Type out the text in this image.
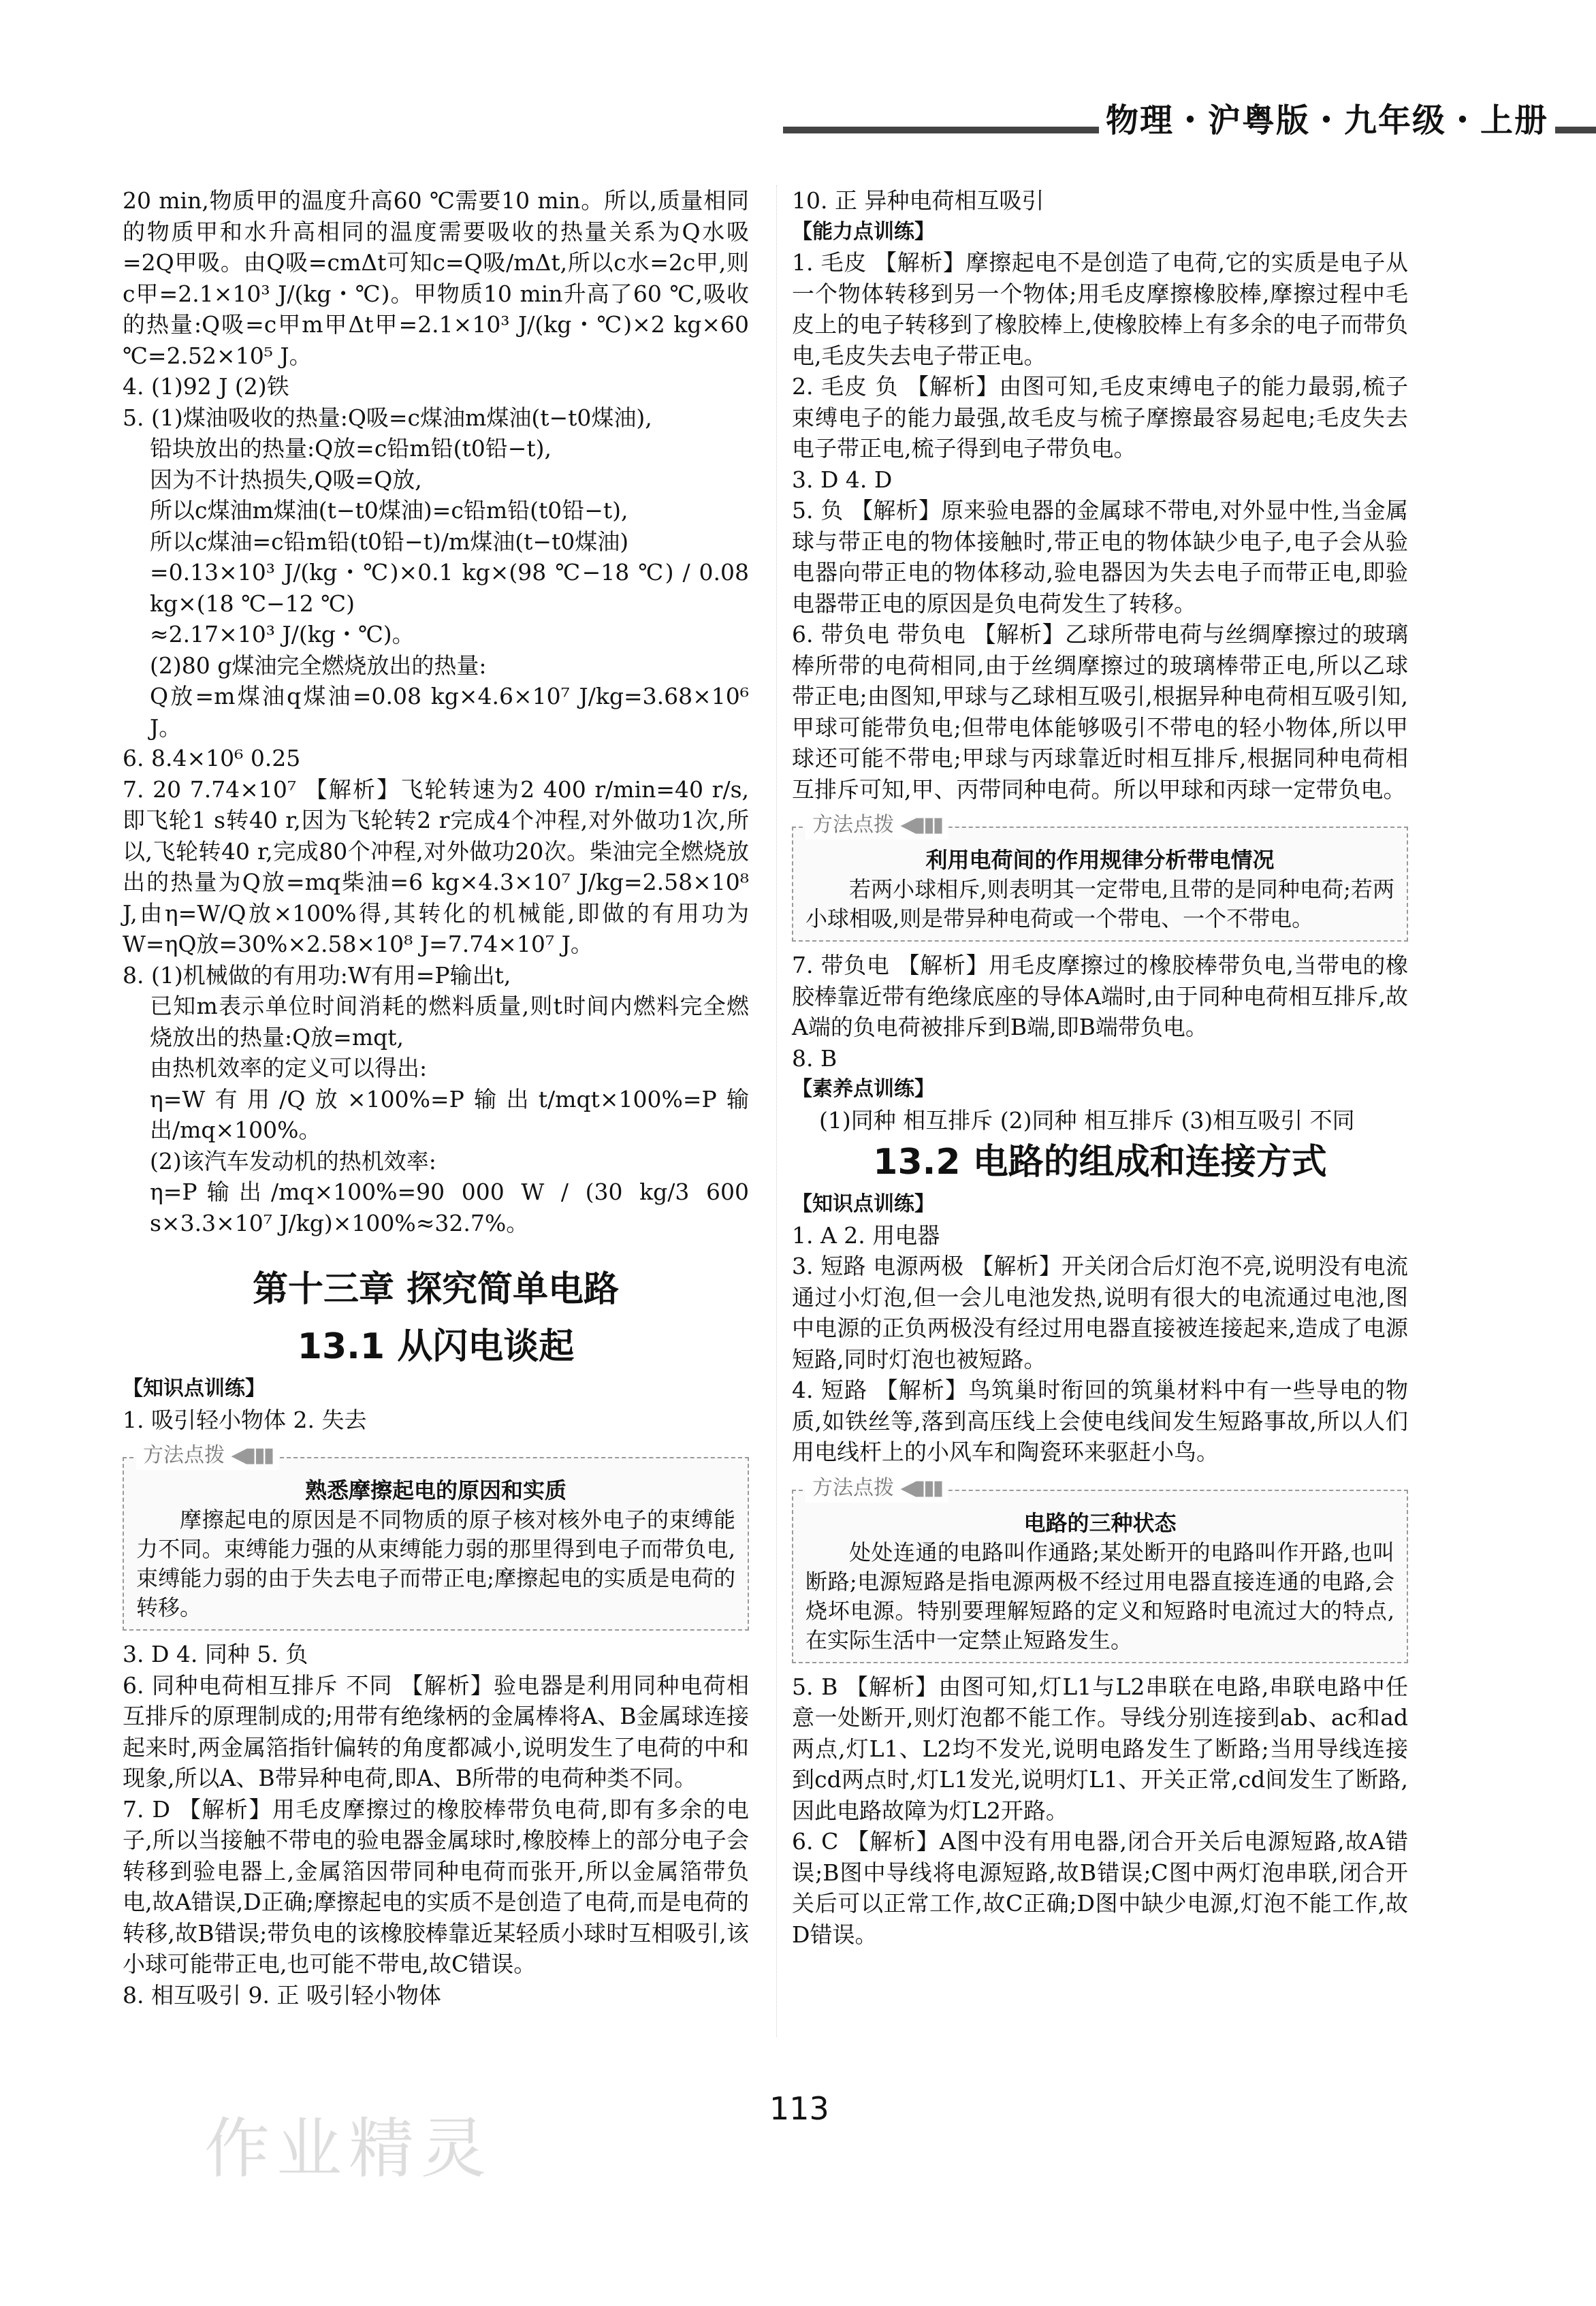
物理・沪粤版・九年级・上册

20 min,物质甲的温度升高60 ℃需要10 min。所以,质量相同的物质甲和水升高相同的温度需要吸收的热量关系为Q水吸=2Q甲吸。由Q吸=cmΔt可知c=Q吸/mΔt,所以c水=2c甲,则c甲=2.1×10³ J/(kg・℃)。甲物质10 min升高了60 ℃,吸收的热量:Q吸=c甲m甲Δt甲=2.1×10³ J/(kg・℃)×2 kg×60 ℃=2.52×10⁵ J。

4. (1)92 J (2)铁

5. (1)煤油吸收的热量:Q吸=c煤油m煤油(t−t0煤油),

铅块放出的热量:Q放=c铅m铅(t0铅−t),

因为不计热损失,Q吸=Q放,

所以c煤油m煤油(t−t0煤油)=c铅m铅(t0铅−t),

所以c煤油=c铅m铅(t0铅−t)/m煤油(t−t0煤油)

=0.13×10³ J/(kg・℃)×0.1 kg×(98 ℃−18 ℃) / 0.08 kg×(18 ℃−12 ℃)

≈2.17×10³ J/(kg・℃)。

(2)80 g煤油完全燃烧放出的热量:

Q放=m煤油q煤油=0.08 kg×4.6×10⁷ J/kg=3.68×10⁶ J。

6. 8.4×10⁶ 0.25

7. 20 7.74×10⁷ 【解析】飞轮转速为2 400 r/min=40 r/s,即飞轮1 s转40 r,因为飞轮转2 r完成4个冲程,对外做功1次,所以,飞轮转40 r,完成80个冲程,对外做功20次。柴油完全燃烧放出的热量为Q放=mq柴油=6 kg×4.3×10⁷ J/kg=2.58×10⁸ J,由η=W/Q放×100%得,其转化的机械能,即做的有用功为W=ηQ放=30%×2.58×10⁸ J=7.74×10⁷ J。

8. (1)机械做的有用功:W有用=P输出t,

已知m表示单位时间消耗的燃料质量,则t时间内燃料完全燃烧放出的热量:Q放=mqt,

由热机效率的定义可以得出:

η=W有用/Q放×100%=P输出t/mqt×100%=P输出/mq×100%。

(2)该汽车发动机的热机效率:

η=P输出/mq×100%=90 000 W / (30 kg/3 600 s×3.3×10⁷ J/kg)×100%≈32.7%。

第十三章 探究简单电路
13.1 从闪电谈起
【知识点训练】

1. 吸引轻小物体 2. 失去

方法点拨 ◀▮▮▮
熟悉摩擦起电的原因和实质

摩擦起电的原因是不同物质的原子核对核外电子的束缚能力不同。束缚能力强的从束缚能力弱的那里得到电子而带负电,束缚能力弱的由于失去电子而带正电;摩擦起电的实质是电荷的转移。

3. D 4. 同种 5. 负

6. 同种电荷相互排斥 不同 【解析】验电器是利用同种电荷相互排斥的原理制成的;用带有绝缘柄的金属棒将A、B金属球连接起来时,两金属箔指针偏转的角度都减小,说明发生了电荷的中和现象,所以A、B带异种电荷,即A、B所带的电荷种类不同。

7. D 【解析】用毛皮摩擦过的橡胶棒带负电荷,即有多余的电子,所以当接触不带电的验电器金属球时,橡胶棒上的部分电子会转移到验电器上,金属箔因带同种电荷而张开,所以金属箔带负电,故A错误,D正确;摩擦起电的实质不是创造了电荷,而是电荷的转移,故B错误;带负电的该橡胶棒靠近某轻质小球时互相吸引,该小球可能带正电,也可能不带电,故C错误。

8. 相互吸引 9. 正 吸引轻小物体

10. 正 异种电荷相互吸引

【能力点训练】

1. 毛皮 【解析】摩擦起电不是创造了电荷,它的实质是电子从一个物体转移到另一个物体;用毛皮摩擦橡胶棒,摩擦过程中毛皮上的电子转移到了橡胶棒上,使橡胶棒上有多余的电子而带负电,毛皮失去电子带正电。

2. 毛皮 负 【解析】由图可知,毛皮束缚电子的能力最弱,梳子束缚电子的能力最强,故毛皮与梳子摩擦最容易起电;毛皮失去电子带正电,梳子得到电子带负电。

3. D 4. D

5. 负 【解析】原来验电器的金属球不带电,对外显中性,当金属球与带正电的物体接触时,带正电的物体缺少电子,电子会从验电器向带正电的物体移动,验电器因为失去电子而带正电,即验电器带正电的原因是负电荷发生了转移。

6. 带负电 带负电 【解析】乙球所带电荷与丝绸摩擦过的玻璃棒所带的电荷相同,由于丝绸摩擦过的玻璃棒带正电,所以乙球带正电;由图知,甲球与乙球相互吸引,根据异种电荷相互吸引知,甲球可能带负电;但带电体能够吸引不带电的轻小物体,所以甲球还可能不带电;甲球与丙球靠近时相互排斥,根据同种电荷相互排斥可知,甲、丙带同种电荷。所以甲球和丙球一定带负电。

方法点拨 ◀▮▮▮
利用电荷间的作用规律分析带电情况

若两小球相斥,则表明其一定带电,且带的是同种电荷;若两小球相吸,则是带异种电荷或一个带电、一个不带电。

7. 带负电 【解析】用毛皮摩擦过的橡胶棒带负电,当带电的橡胶棒靠近带有绝缘底座的导体A端时,由于同种电荷相互排斥,故A端的负电荷被排斥到B端,即B端带负电。

8. B

【素养点训练】

(1)同种 相互排斥 (2)同种 相互排斥 (3)相互吸引 不同

13.2 电路的组成和连接方式
【知识点训练】

1. A 2. 用电器

3. 短路 电源两极 【解析】开关闭合后灯泡不亮,说明没有电流通过小灯泡,但一会儿电池发热,说明有很大的电流通过电池,图中电源的正负两极没有经过用电器直接被连接起来,造成了电源短路,同时灯泡也被短路。

4. 短路 【解析】鸟筑巢时衔回的筑巢材料中有一些导电的物质,如铁丝等,落到高压线上会使电线间发生短路事故,所以人们用电线杆上的小风车和陶瓷环来驱赶小鸟。

方法点拨 ◀▮▮▮
电路的三种状态

处处连通的电路叫作通路;某处断开的电路叫作开路,也叫断路;电源短路是指电源两极不经过用电器直接连通的电路,会烧坏电源。特别要理解短路的定义和短路时电流过大的特点,在实际生活中一定禁止短路发生。

5. B 【解析】由图可知,灯L1与L2串联在电路,串联电路中任意一处断开,则灯泡都不能工作。导线分别连接到ab、ac和ad两点,灯L1、L2均不发光,说明电路发生了断路;当用导线连接到cd两点时,灯L1发光,说明灯L1、开关正常,cd间发生了断路,因此电路故障为灯L2开路。

6. C 【解析】A图中没有用电器,闭合开关后电源短路,故A错误;B图中导线将电源短路,故B错误;C图中两灯泡串联,闭合开关后可以正常工作,故C正确;D图中缺少电源,灯泡不能工作,故D错误。

113
作业精灵
